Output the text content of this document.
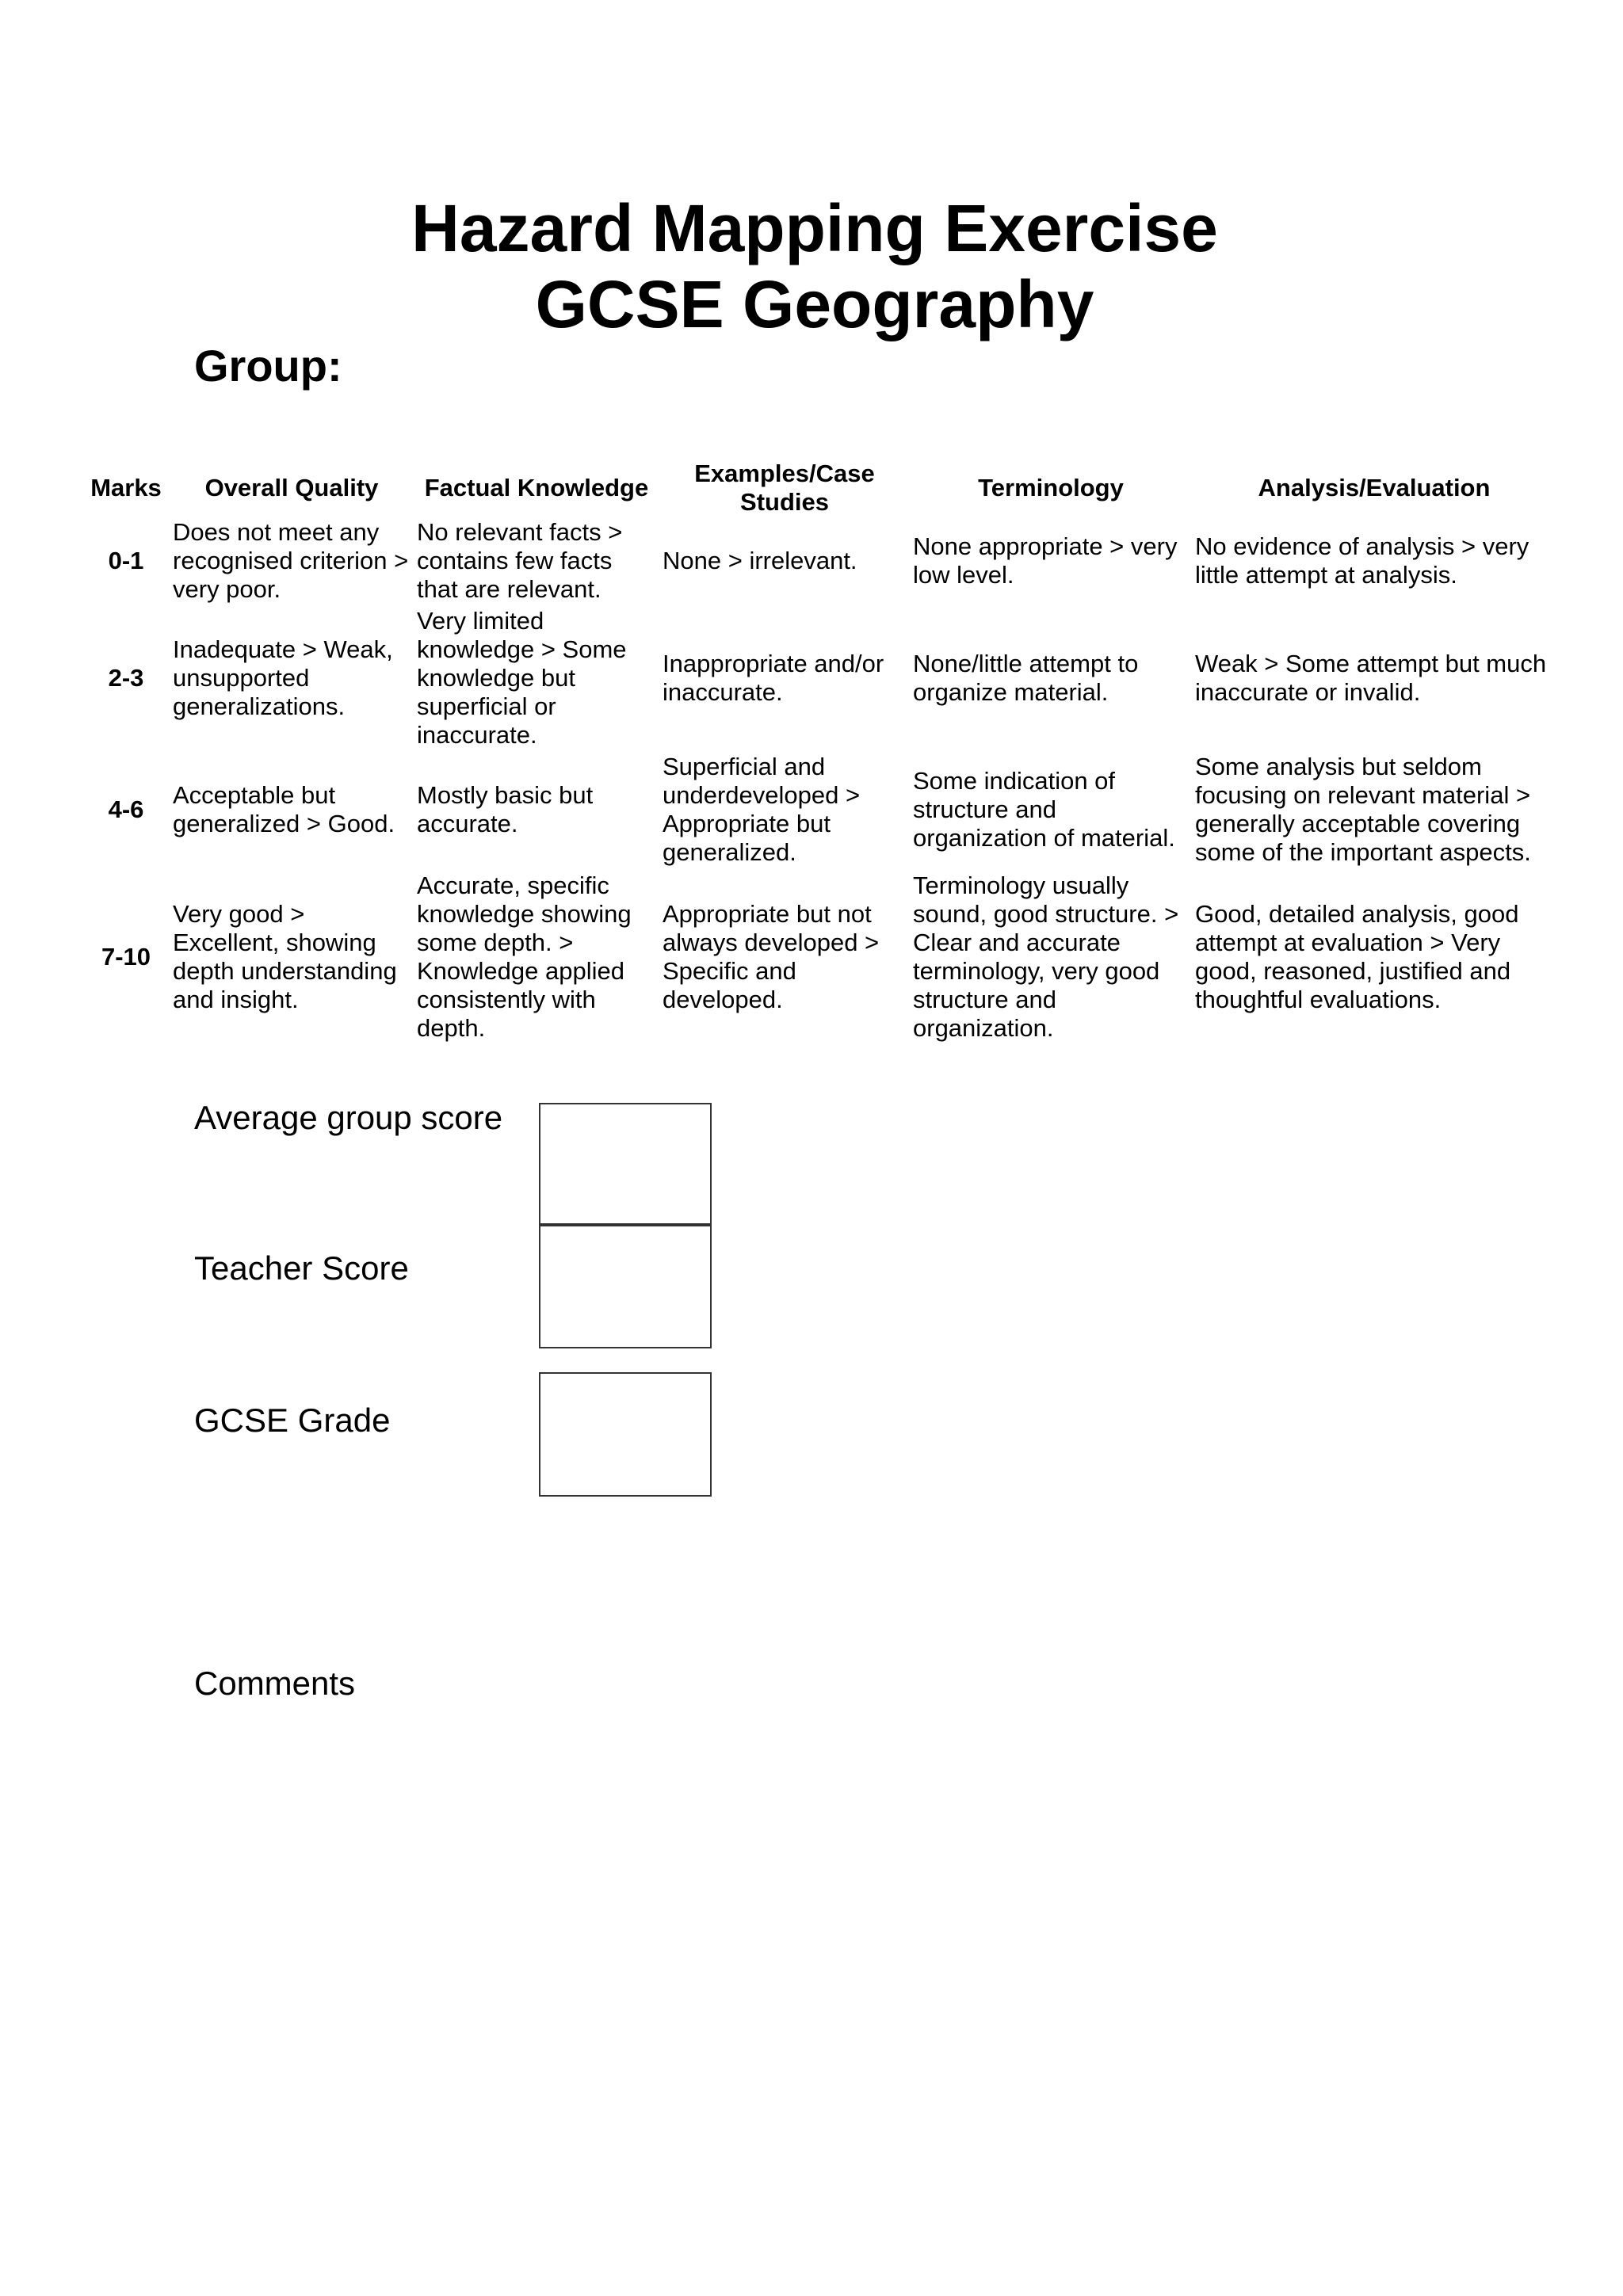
Hazard Mapping Exercise
GCSE Geography
Group:
Marks	Overall Quality	Factual Knowledge	Examples/Case Studies	Terminology	Analysis/Evaluation
0-1	Does not meet any recognised criterion > very poor.	No relevant facts > contains few facts that are relevant.	None > irrelevant.	None appropriate > very low level.	No evidence of analysis > very little attempt at analysis.
2-3	Inadequate > Weak, unsupported generalizations.	Very limited knowledge > Some knowledge but superficial or inaccurate.	Inappropriate and/or inaccurate.	None/little attempt to organize material.	Weak > Some attempt but much inaccurate or invalid.
4-6	Acceptable but generalized > Good.	Mostly basic but accurate.	Superficial and underdeveloped > Appropriate but generalized.	Some indication of structure and organization of material.	Some analysis but seldom focusing on relevant material > generally acceptable covering some of the important aspects.
7-10	Very good > Excellent, showing depth understanding and insight.	Accurate, specific knowledge showing some depth. > Knowledge applied consistently with depth.	Appropriate but not always developed > Specific and developed.	Terminology usually sound, good structure. > Clear and accurate terminology, very good structure and organization.	Good, detailed analysis, good attempt at evaluation > Very good, reasoned, justified and thoughtful evaluations.
Average group score
Teacher Score
GCSE Grade
Comments
